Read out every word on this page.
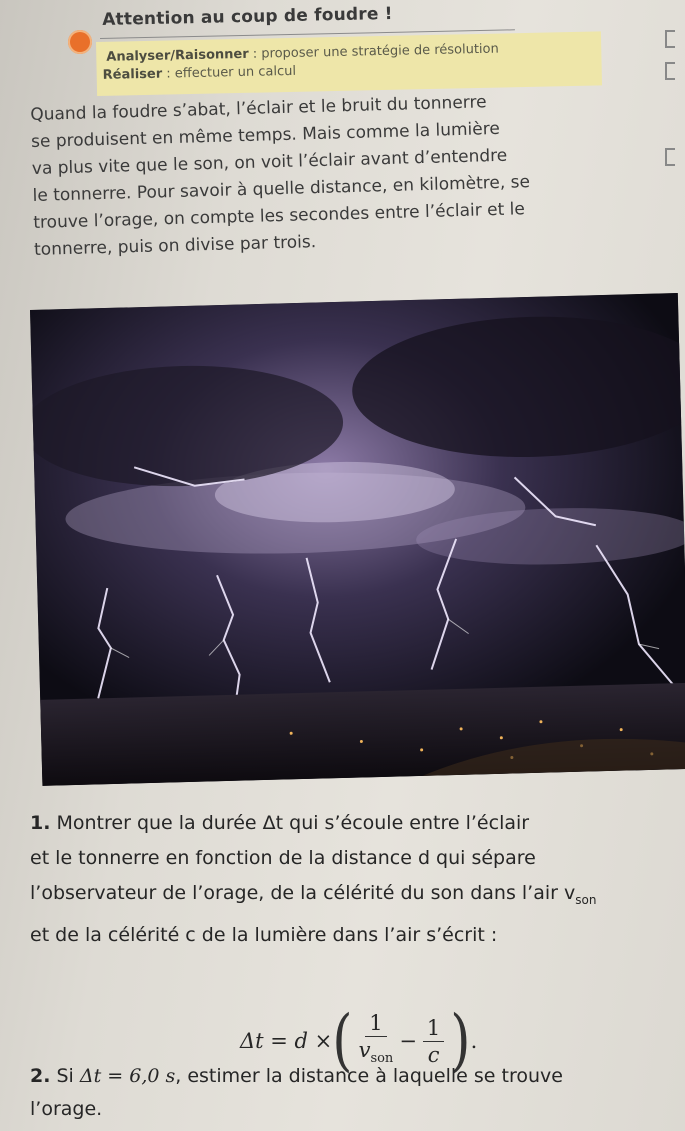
Attention au coup de foudre !
Analyser/Raisonner : proposer une stratégie de résolution
Réaliser : effectuer un calcul
Quand la foudre s’abat, l’éclair et le bruit du tonnerre
se produisent en même temps. Mais comme la lumière
va plus vite que le son, on voit l’éclair avant d’entendre
le tonnerre. Pour savoir à quelle distance, en kilomètre, se
trouve l’orage, on compte les secondes entre l’éclair et le
tonnerre, puis on divise par trois.
1. Montrer que la durée Δt qui s’écoule entre l’éclair
et le tonnerre en fonction de la distance d qui sépare
l’observateur de l’orage, de la célérité du son dans l’air $v_{son}$
et de la célérité c de la lumière dans l’air s’écrit :
Δt = d × ( $\frac{1}{v_{son}} - \frac{1}{c}$ ) .
2. Si Δt = 6,0 s, estimer la distance à laquelle se trouve
l’orage.
